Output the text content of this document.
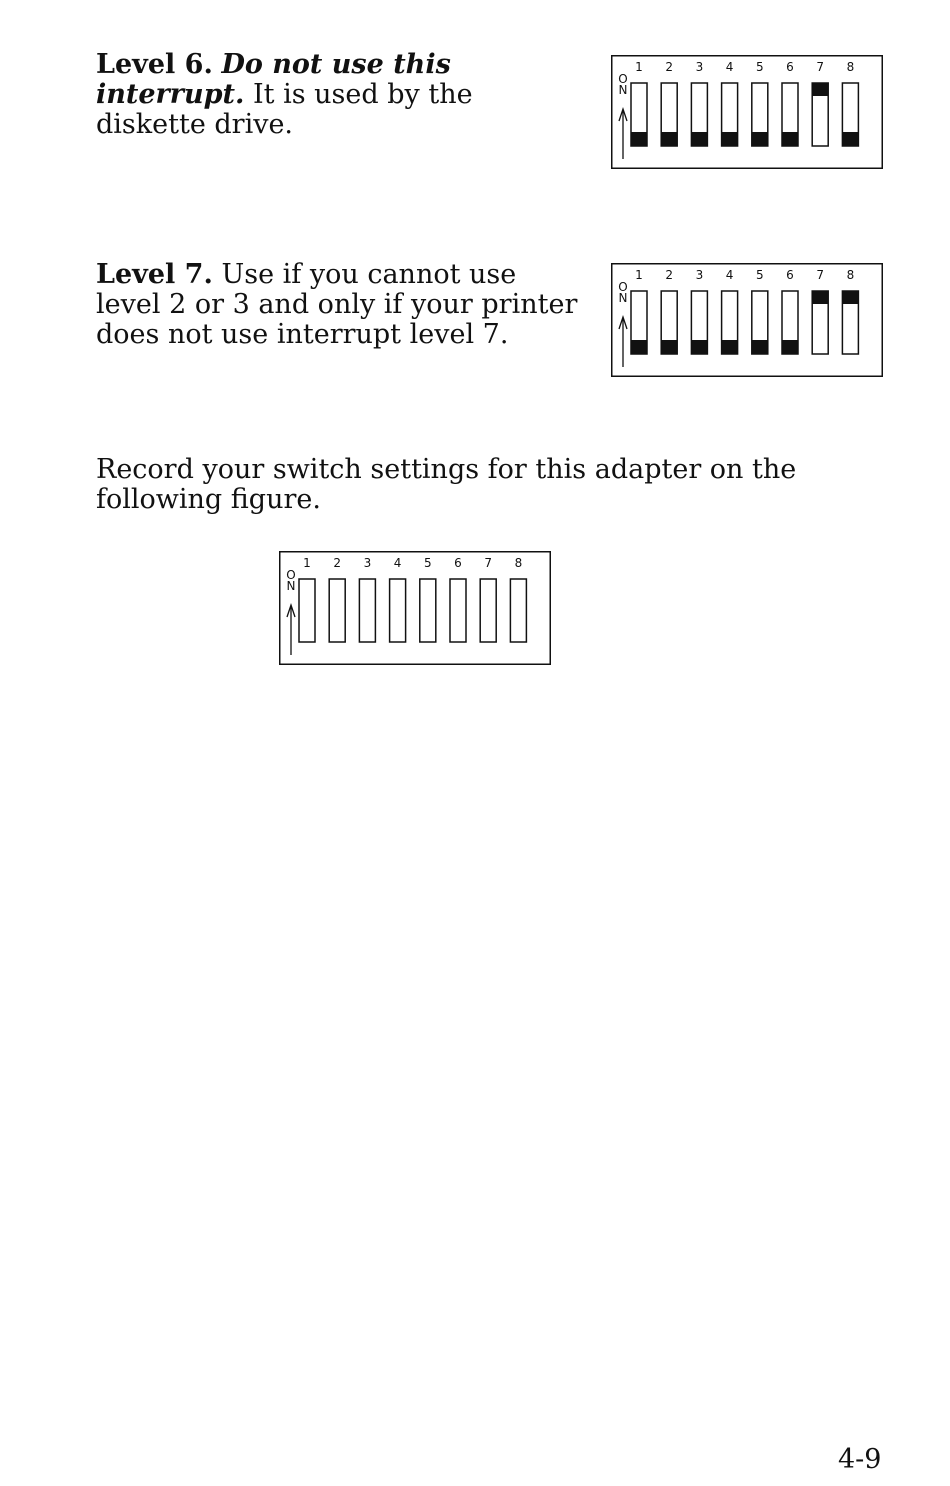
Level 6. Do not use this
interrupt. It is used by the
diskette drive.

O
N
1 2 3 4 5 6 7 8

Level 7. Use if you cannot use
level 2 or 3 and only if your printer
does not use interrupt level 7.

O
N
1 2 3 4 5 6 7 8

Record your switch settings for this adapter on the
following figure.

O
N
1 2 3 4 5 6 7 8

4-9
